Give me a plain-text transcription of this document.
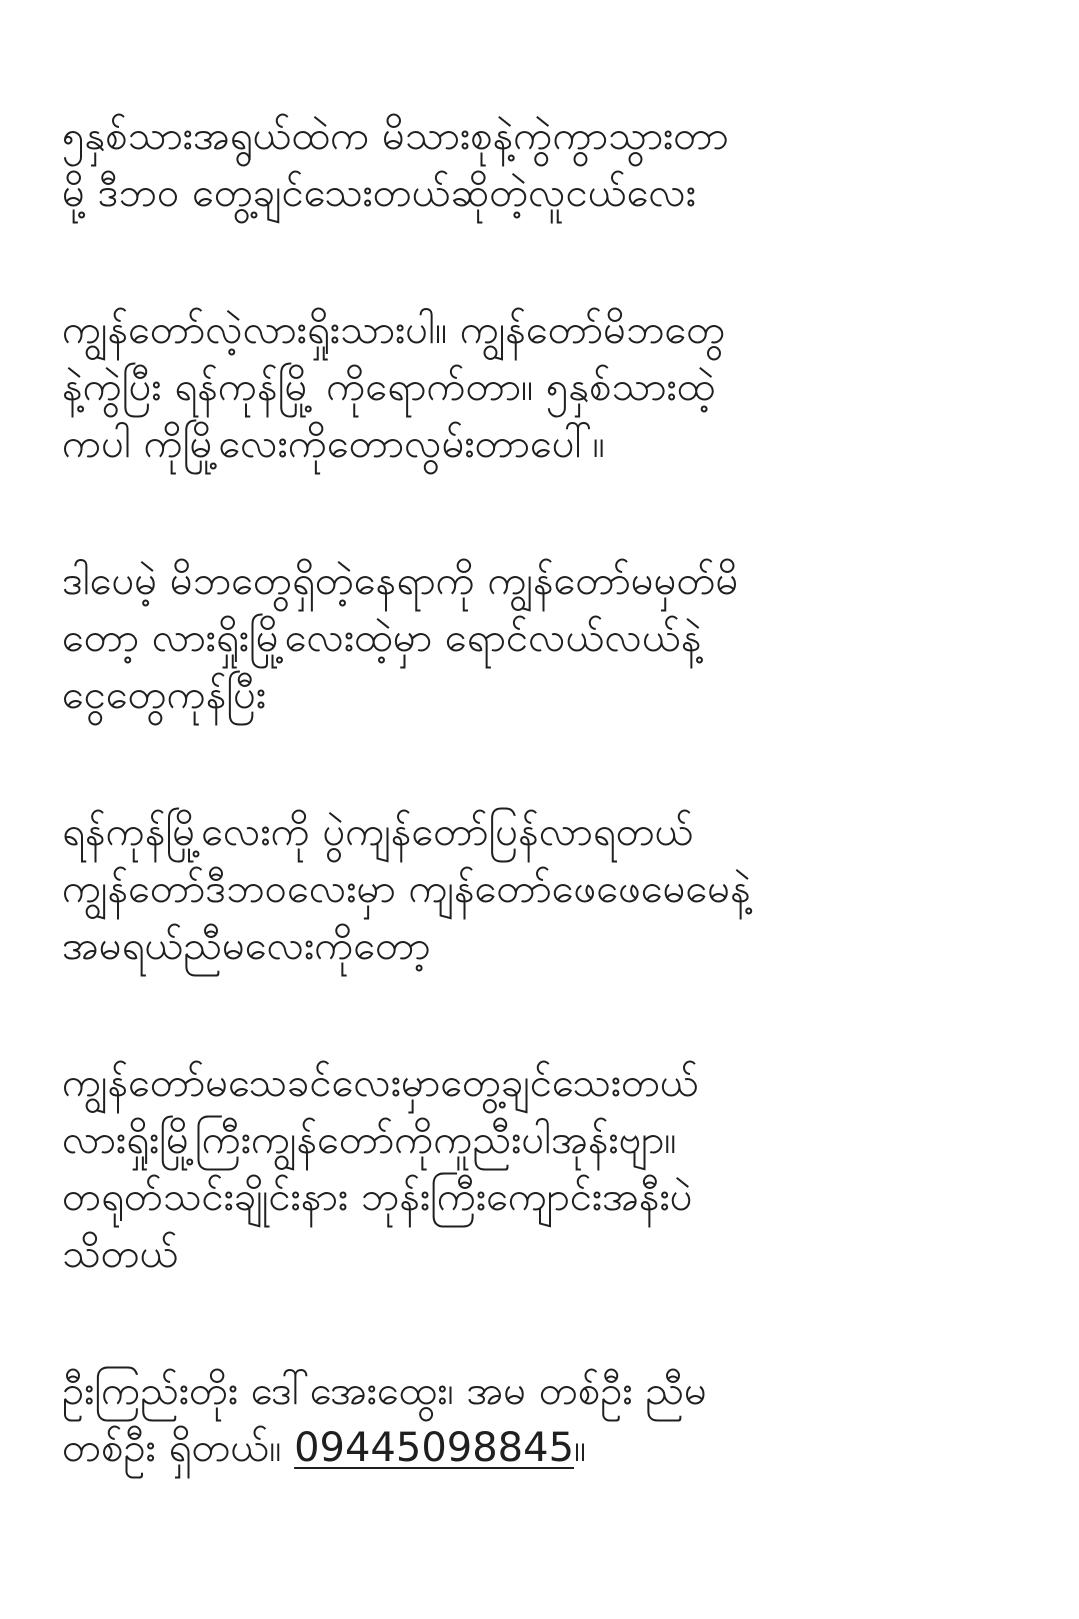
၅နှစ်သားအရွယ်ထဲက မိသားစုနဲ့ကွဲကွာသွားတာ
မို့ ဒီဘဝ တွေ့ချင်သေးတယ်ဆိုတဲ့လူငယ်လေး
ကျွန်တော်လဲ့လားရှိုးသားပါ။ ကျွန်တော်မိဘတွေ
နဲ့ကွဲပြီး ရန်ကုန်မြို့ ကိုရောက်တာ။ ၅နှစ်သားထဲ့
ကပါ ကိုမြို့လေးကိုတောလွမ်းတာပေါ်။
ဒါပေမဲ့ မိဘတွေရှိတဲ့နေရာကို ကျွန်တော်မမှတ်မိ
တော့ လားရှိုးမြို့လေးထဲ့မှာ ရောင်လယ်လယ်နဲ့
ငွေတွေကုန်ပြီး
ရန်ကုန်မြို့လေးကို ပွဲကျန်တော်ပြန်လာရတယ်
ကျွန်တော်ဒီဘဝလေးမှာ ကျန်တော်ဖေဖေမေမေနဲ့
အမရယ်ညီမလေးကိုတော့
ကျွန်တော်မသေခင်လေးမှာတွေ့ချင်သေးတယ်
လားရှိုးမြို့ကြီးကျွန်တော်ကိုကူညီးပါအုန်းဗျာ။
တရုတ်သင်းချိုင်းနား ဘုန်းကြီးကျောင်းအနီးပဲ
သိတယ်
ဦးကြည်းတိုး ဒေါ်အေးထွေး၊ အမ တစ်ဦး ညီမ
တစ်ဦး ရှိတယ်။ 09445098845။
